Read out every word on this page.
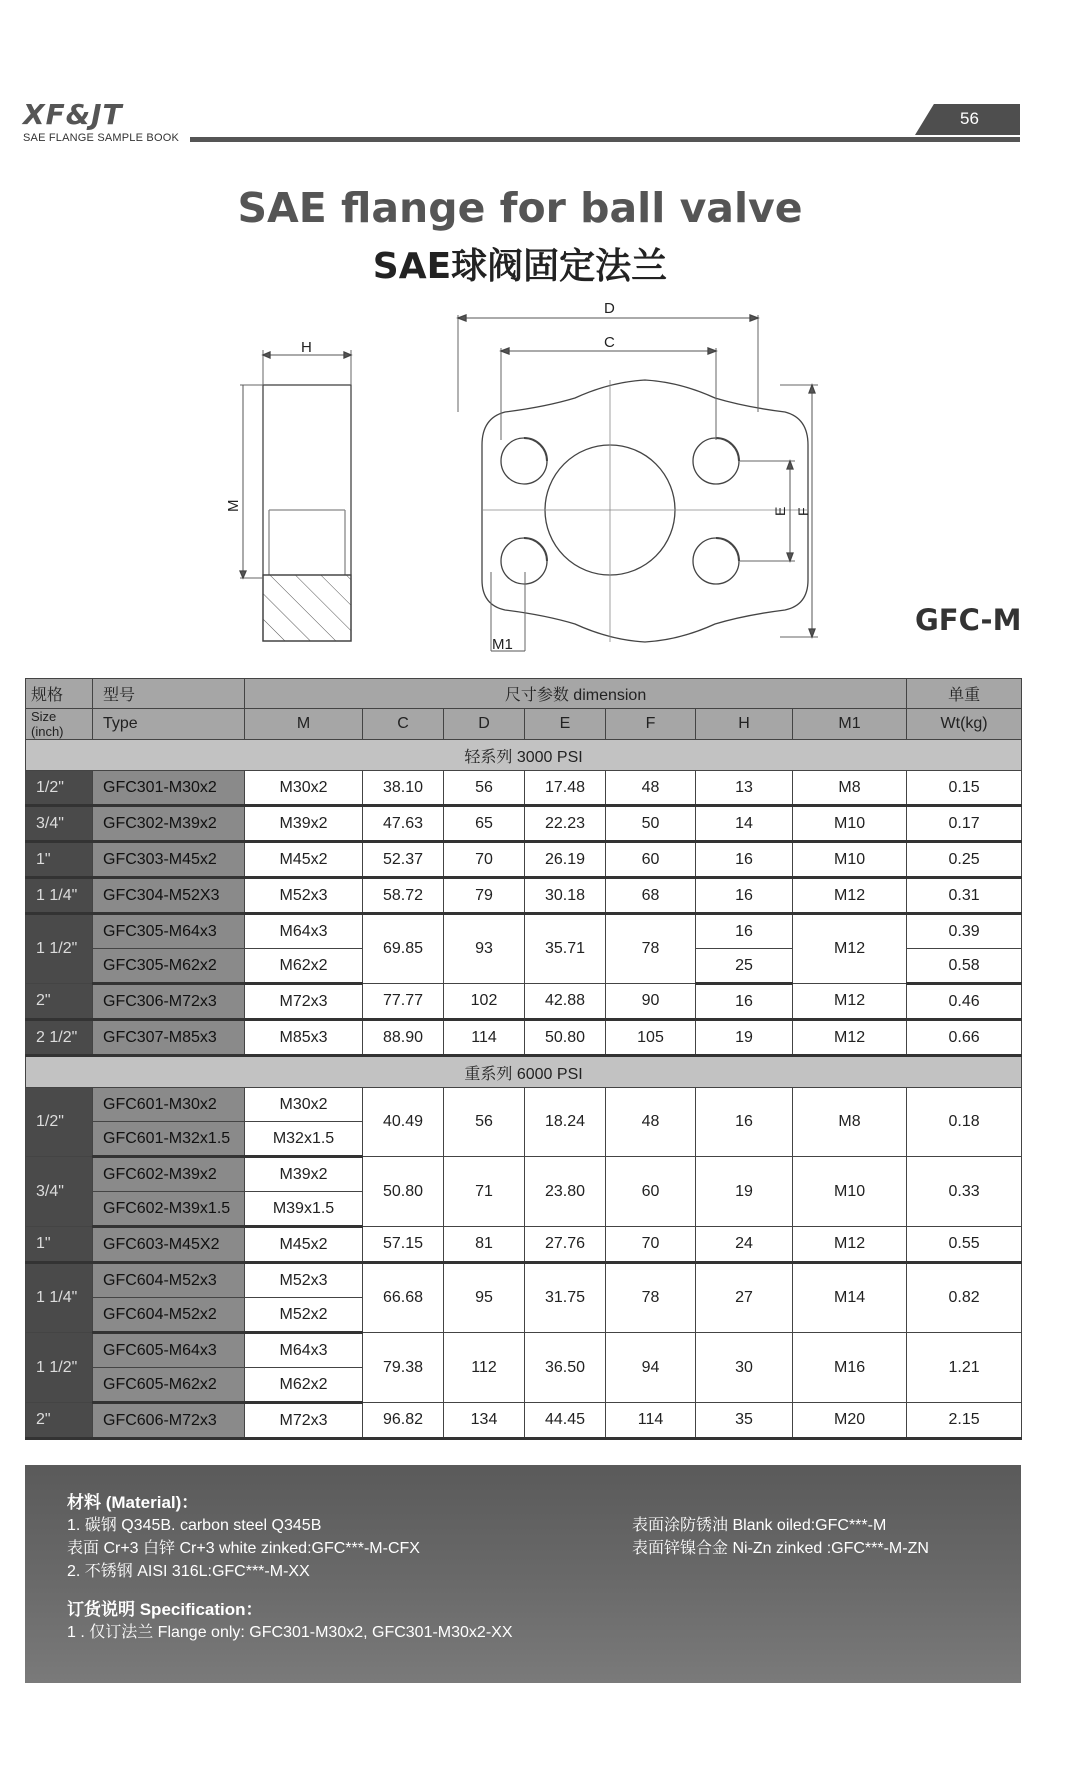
XF&JT
SAE FLANGE SAMPLE BOOK
56
SAE flange for ball valve
SAE球阀固定法兰
H
M
D
C
E F
M1
GFC-M
规格	型号	尺寸参数 dimension							单重
Size (inch)	Type	M	C	D	E	F	H	M1	Wt(kg)
轻系列 3000 PSI									
1/2"	GFC301-M30x2	M30x2	38.10	56	17.48	48	13	M8	0.15
3/4"	GFC302-M39x2	M39x2	47.63	65	22.23	50	14	M10	0.17
1"	GFC303-M45x2	M45x2	52.37	70	26.19	60	16	M10	0.25
1 1/4"	GFC304-M52X3	M52x3	58.72	79	30.18	68	16	M12	0.31
1 1/2"	GFC305-M64x3	M64x3	69.85	93	35.71	78	16	M12	0.39
	GFC305-M62x2	M62x2					25		0.58
2"	GFC306-M72x3	M72x3	77.77	102	42.88	90	16	M12	0.46
2 1/2"	GFC307-M85x3	M85x3	88.90	114	50.80	105	19	M12	0.66
重系列 6000 PSI									
1/2"	GFC601-M30x2	M30x2	40.49	56	18.24	48	16	M8	0.18
	GFC601-M32x1.5	M32x1.5							
3/4"	GFC602-M39x2	M39x2	50.80	71	23.80	60	19	M10	0.33
	GFC602-M39x1.5	M39x1.5							
1"	GFC603-M45X2	M45x2	57.15	81	27.76	70	24	M12	0.55
1 1/4"	GFC604-M52x3	M52x3	66.68	95	31.75	78	27	M14	0.82
	GFC604-M52x2	M52x2							
1 1/2"	GFC605-M64x3	M64x3	79.38	112	36.50	94	30	M16	1.21
	GFC605-M62x2	M62x2							
2"	GFC606-M72x3	M72x3	96.82	134	44.45	114	35	M20	2.15
材料 (Material)：
1. 碳钢 Q345B. carbon steel Q345B
表面 Cr+3 白锌 Cr+3 white zinked:GFC***-M-CFX
2. 不锈钢 AISI 316L:GFC***-M-XX
表面涂防锈油 Blank oiled:GFC***-M
表面锌镍合金 Ni-Zn zinked :GFC***-M-ZN
订货说明 Specification：
1 . 仅订法兰 Flange only: GFC301-M30x2, GFC301-M30x2-XX
